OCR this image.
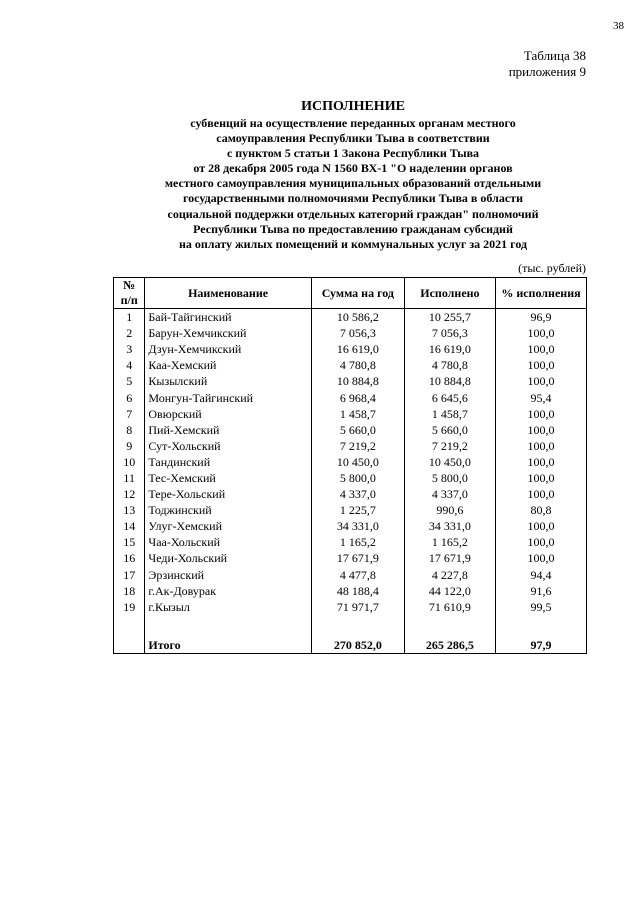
38
Таблица 38
приложения 9
ИСПОЛНЕНИЕ
субвенций на осуществление переданных органам местного
самоуправления Республики Тыва в соответствии
с пунктом 5 статьи 1 Закона Республики Тыва
от 28 декабря 2005 года N 1560 ВХ-1 "О наделении органов
местного самоуправления муниципальных образований отдельными
государственными полномочиями Республики Тыва в области
социальной поддержки отдельных категорий граждан" полномочий
Республики Тыва по предоставлению гражданам субсидий
на оплату жилых помещений и коммунальных услуг за 2021 год
(тыс. рублей)
№
п/п	Наименование	Сумма на год	Исполнено	% исполнения
1	Бай-Тайгинский	10 586,2	10 255,7	96,9
2	Барун-Хемчикский	7 056,3	7 056,3	100,0
3	Дзун-Хемчикский	16 619,0	16 619,0	100,0
4	Каа-Хемский	4 780,8	4 780,8	100,0
5	Кызылский	10 884,8	10 884,8	100,0
6	Монгун-Тайгинский	6 968,4	6 645,6	95,4
7	Овюрский	1 458,7	1 458,7	100,0
8	Пий-Хемский	5 660,0	5 660,0	100,0
9	Сут-Хольский	7 219,2	7 219,2	100,0
10	Тандинский	10 450,0	10 450,0	100,0
11	Тес-Хемский	5 800,0	5 800,0	100,0
12	Тере-Хольский	4 337,0	4 337,0	100,0
13	Тоджинский	1 225,7	990,6	80,8
14	Улуг-Хемский	34 331,0	34 331,0	100,0
15	Чаа-Хольский	1 165,2	1 165,2	100,0
16	Чеди-Хольский	17 671,9	17 671,9	100,0
17	Эрзинский	4 477,8	4 227,8	94,4
18	г.Ак-Довурак	48 188,4	44 122,0	91,6
19	г.Кызыл	71 971,7	71 610,9	99,5

	Итого	270 852,0	265 286,5	97,9
